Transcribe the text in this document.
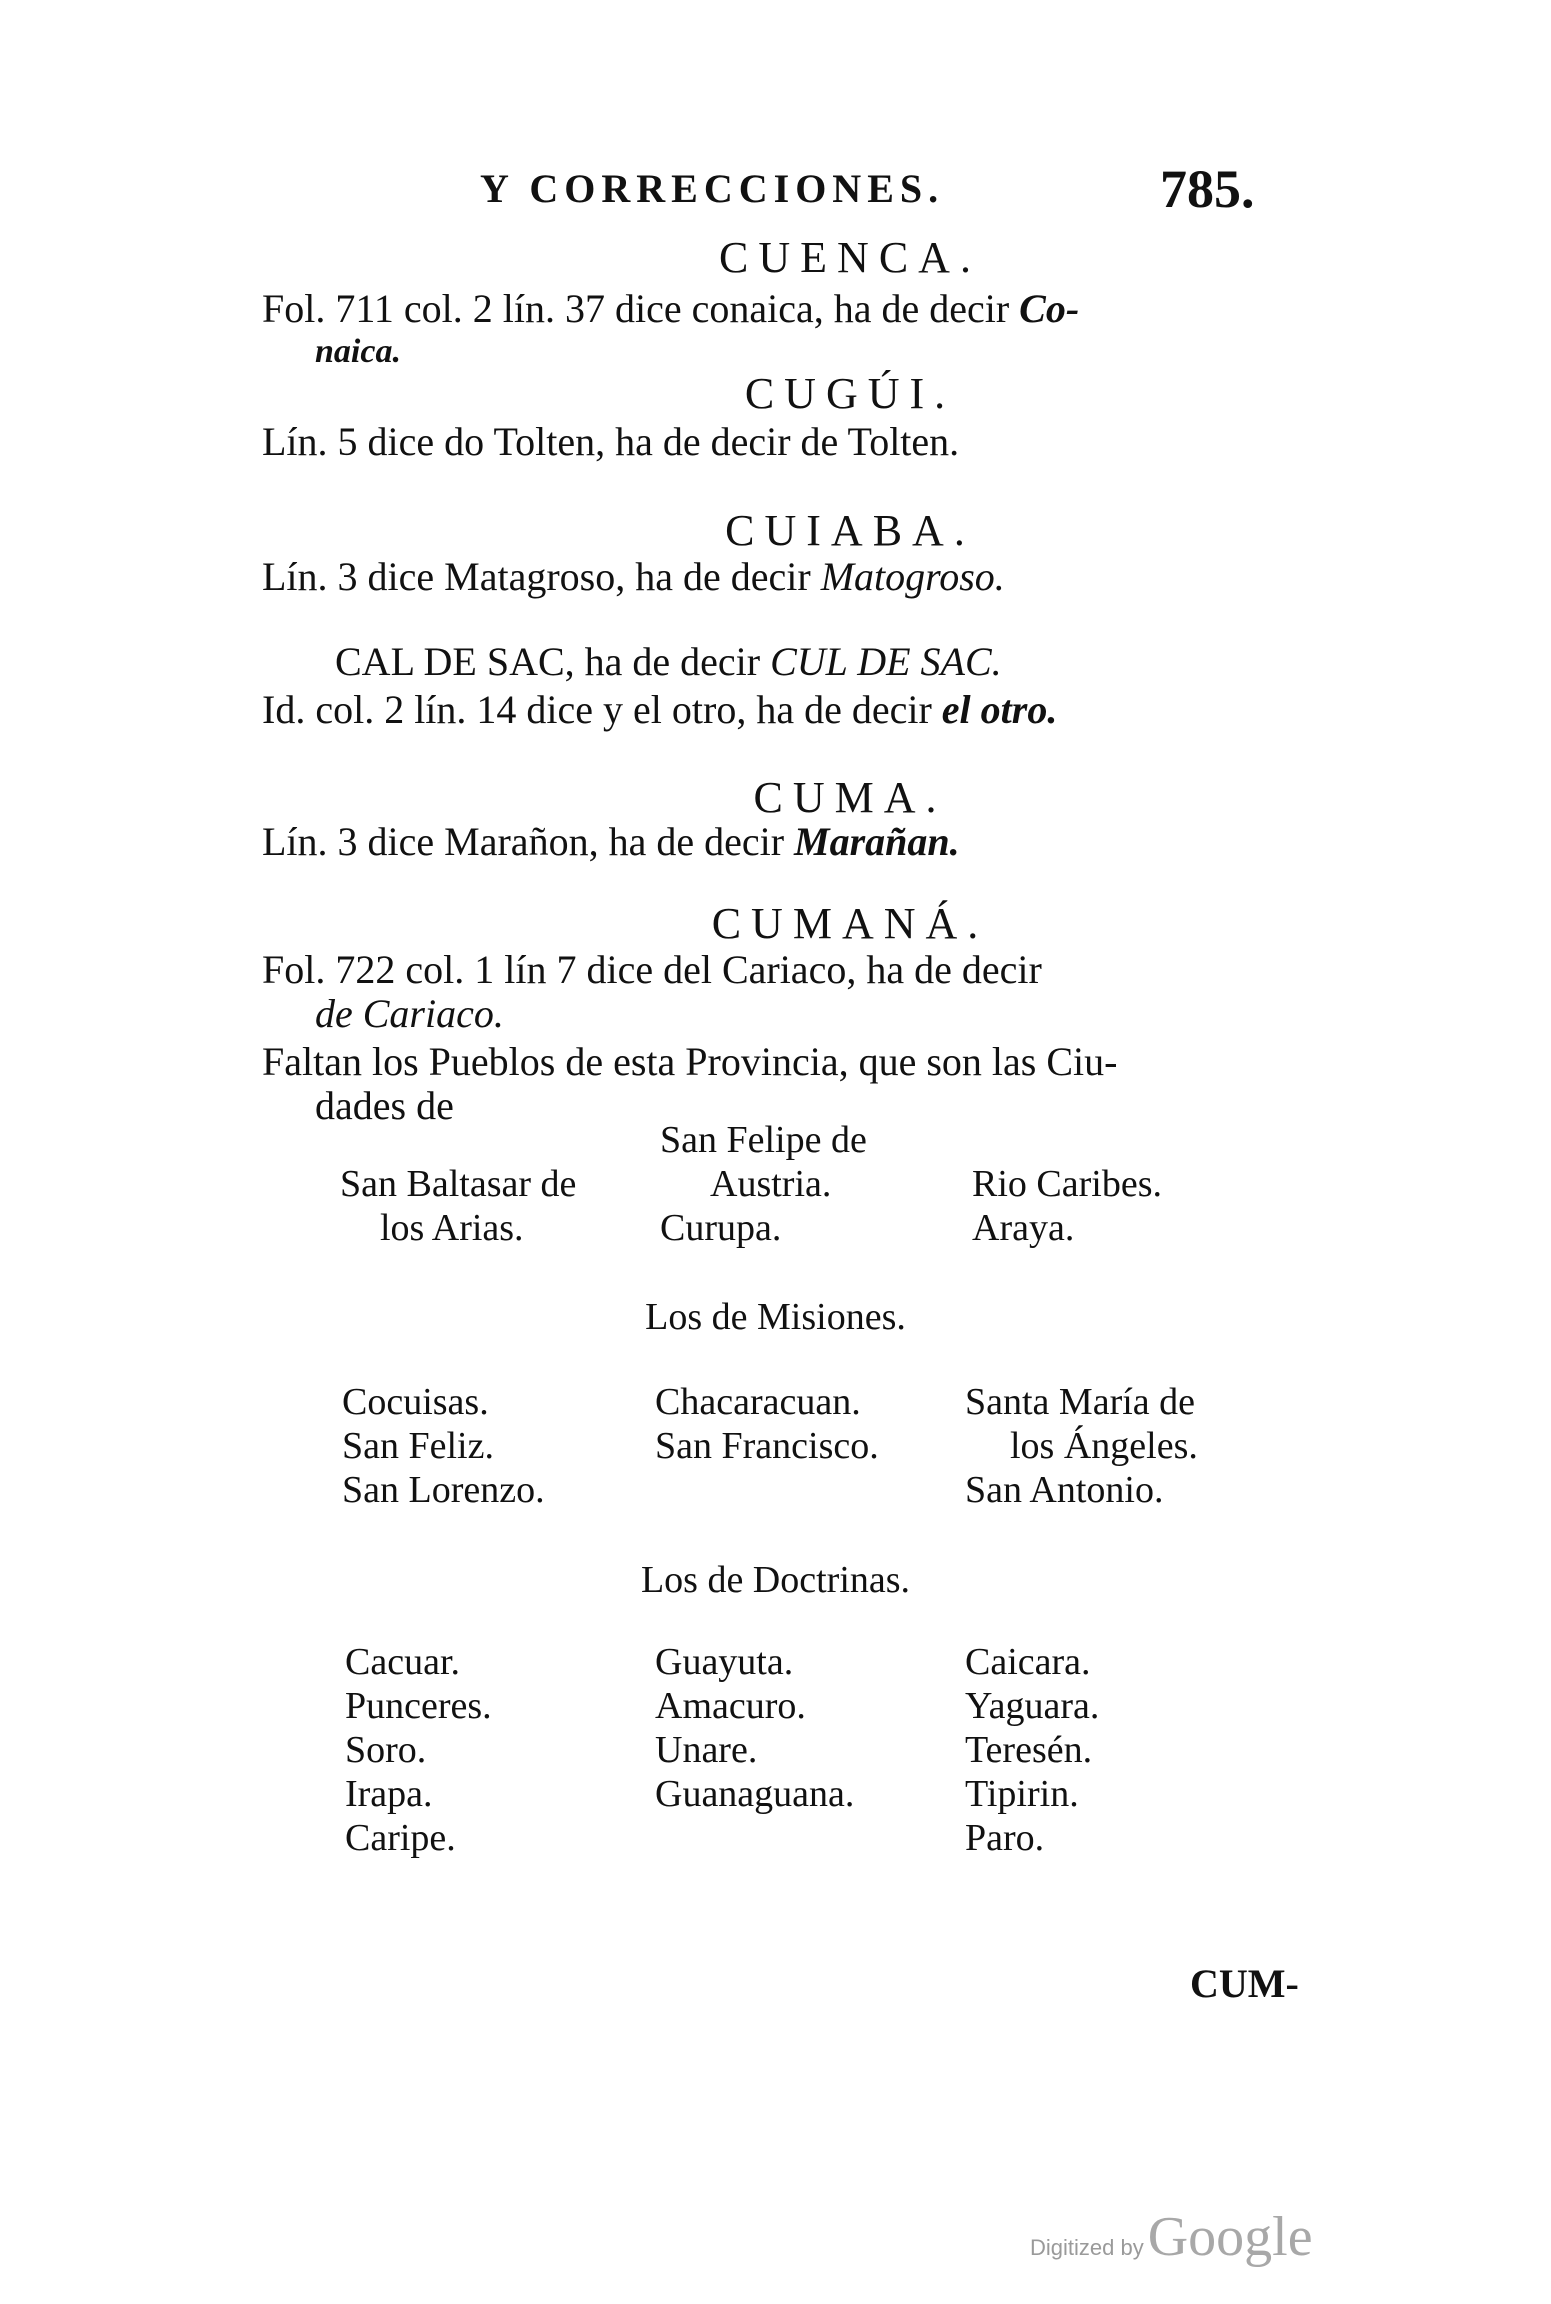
Y CORRECCIONES.	785.
CUENCA.
Fol. 711 col. 2 lín. 37 dice conaica, ha de decir Co-
naica.
CUGÚI.
Lín. 5 dice do Tolten, ha de decir de Tolten.
CUIABA.
Lín. 3 dice Matagroso, ha de decir Matogroso.
CAL DE SAC, ha de decir CUL DE SAC.
Id. col. 2 lín. 14 dice y el otro, ha de decir el otro.
CUMA.
Lín. 3 dice Marañon, ha de decir Marañan.
CUMANÁ.
Fol. 722 col. 1 lín 7 dice del Cariaco, ha de decir
de Cariaco.
Faltan los Pueblos de esta Provincia, que son las Ciu-
dades de
San Baltasar de
los Arias.
San Felipe de
Austria.
Curupa.
Rio Caribes.
Araya.
Los de Misiones.
Cocuisas.
San Feliz.
San Lorenzo.
Chacaracuan.
San Francisco.
Santa María de
los Ángeles.
San Antonio.
Los de Doctrinas.
Cacuar.
Punceres.
Soro.
Irapa.
Caripe.
Guayuta.
Amacuro.
Unare.
Guanaguana.
Caicara.
Yaguara.
Teresén.
Tipirin.
Paro.
CUM-
Digitized by Google
